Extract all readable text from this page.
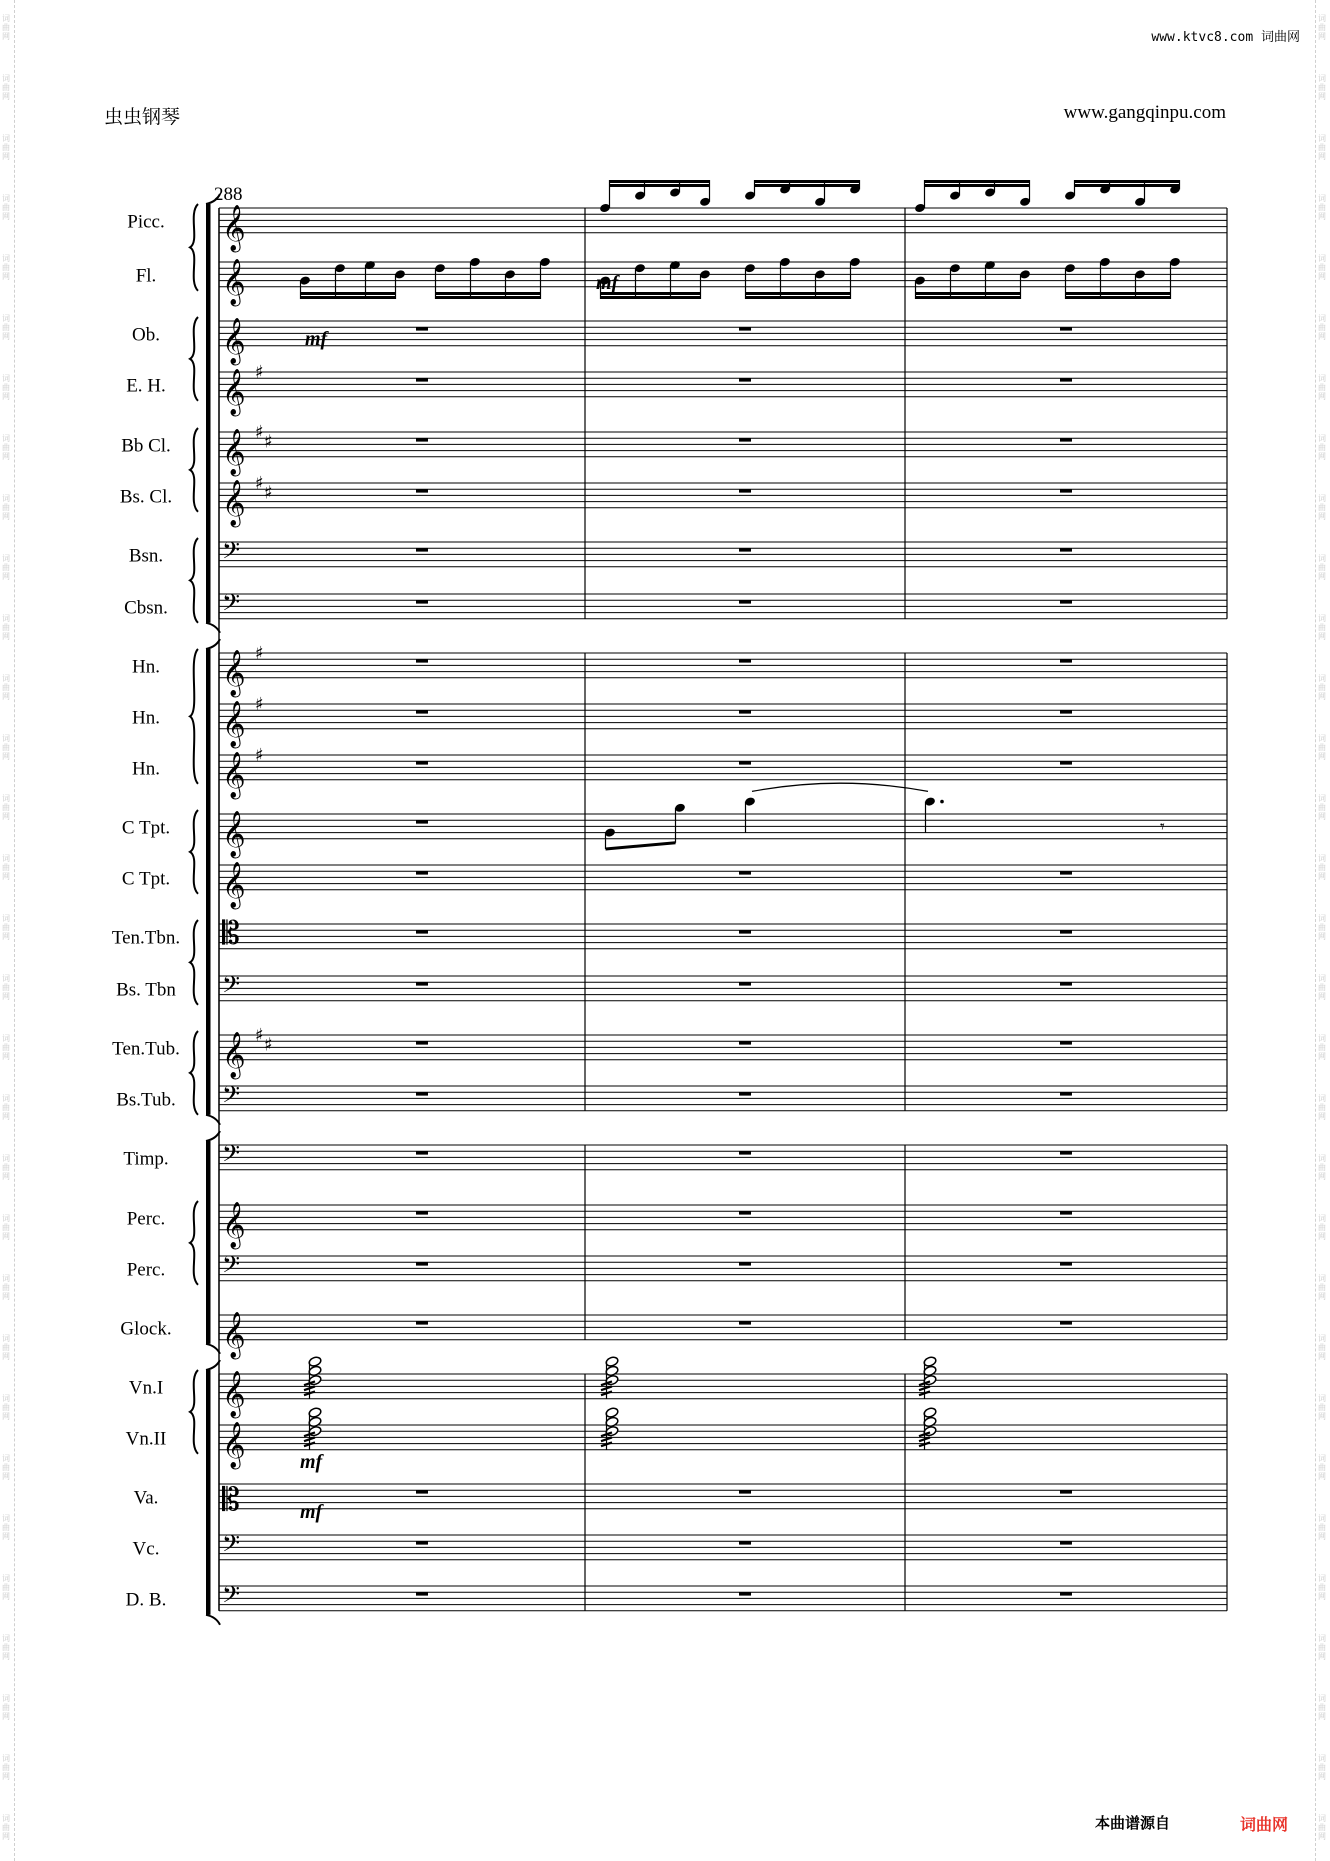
词曲网
词曲网
词曲网
词曲网
词曲网
词曲网
词曲网
词曲网
词曲网
词曲网
词曲网
词曲网
词曲网
词曲网
词曲网
词曲网
词曲网
词曲网
词曲网
词曲网
词曲网
词曲网
词曲网
词曲网
词曲网
词曲网
词曲网
词曲网
词曲网
词曲网
词曲网
词曲网
词曲网
词曲网
词曲网
词曲网
词曲网
词曲网
词曲网
词曲网
词曲网
词曲网
词曲网
词曲网
词曲网
词曲网
词曲网
词曲网
词曲网
词曲网
词曲网
词曲网
词曲网
词曲网
词曲网
词曲网
词曲网
词曲网
词曲网
词曲网
词曲网
词曲网
www.ktvc8.com 词曲网
虫虫钢琴	www.gangqinpu.com
Picc. 𝄞
Fl. 𝄞
Ob. 𝄞
E. H. 𝄞 ♯
Bb Cl. 𝄞 ♯ ♯
Bs. Cl. 𝄞 ♯ ♯
Bsn. 𝄢
Cbsn. 𝄢
Hn. 𝄞 ♯
Hn. 𝄞 ♯
Hn. 𝄞 ♯
C Tpt. 𝄞
C Tpt. 𝄞
Ten.Tbn. 𝄡
Bs. Tbn 𝄢
Ten.Tub. 𝄞 ♯ ♯
Bs.Tub. 𝄢
Timp. 𝄢
Perc. 𝄞
Perc. 𝄢
Glock. 𝄞
Vn.I 𝄞
Vn.II 𝄞
Va. 𝄡
Vc. 𝄢
D. B. 𝄢
288
mf
mf
mf
mf
𝄾
本曲谱源自	词曲网
